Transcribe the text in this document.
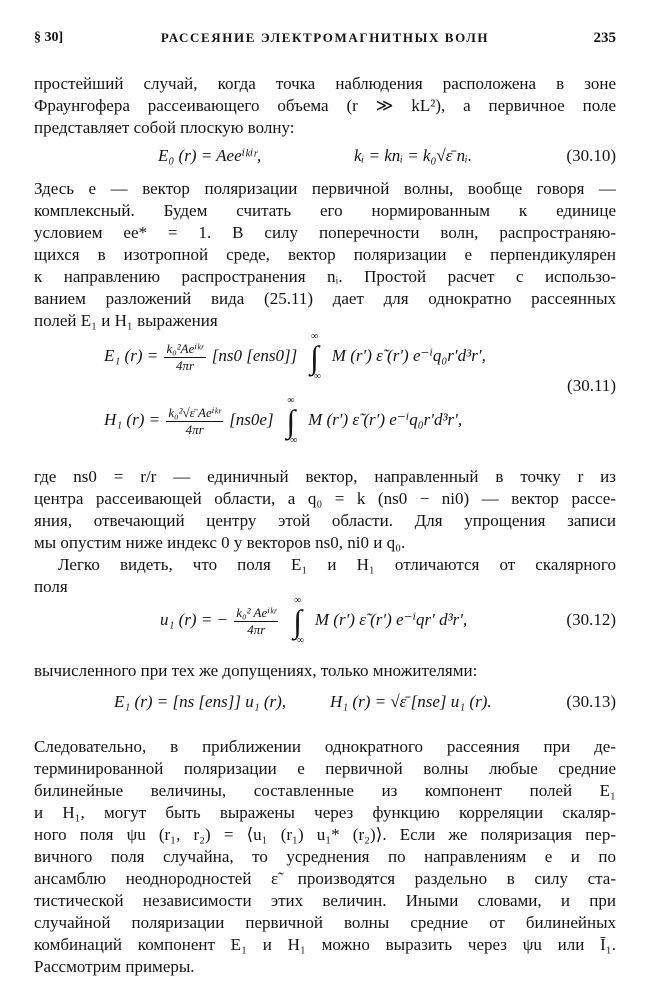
§ 30]	РАССЕЯНИЕ ЭЛЕКТРОМАГНИТНЫХ ВОЛН	235
простейший случай, когда точка наблюдения расположена в зоне
Фраунгофера рассеивающего объема (r ≫ kL²), а первичное поле
представляет собой плоскую волну:
E₀ (r) = Aeeⁱᵏⁱʳ,	kᵢ = knᵢ = k₀√ε̄ nᵢ.	(30.10)
Здесь e — вектор поляризации первичной волны, вообще говоря —
комплексный. Будем считать его нормированным к единице
условием ee* = 1. В силу поперечности волн, распространяю-
щихся в изотропной среде, вектор поляризации e перпендикулярен
к направлению распространения nᵢ. Простой расчет с использо-
ванием разложений вида (25.11) дает для однократно рассеянных
полей E₁ и H₁ выражения
E₁ $(r) = \frac{\text{k₀²Aeⁱᵏʳ}}{4\pi r} [ns0$ [ens0]]
∞
∫
−∞
M (r′) ε̃ (r′) e⁻ⁱq₀r′d³r′,
(30.11)
H₁ $(r) = \frac{\text{k₀²√ε̄ Aeⁱᵏʳ}}{4\pi r} [ns0e]$
∞
∫
−∞
M (r′) ε̃ (r′) e⁻ⁱq₀r′d³r′,
где ns0 = r/r — единичный вектор, направленный в точку r из
центра рассеивающей области, а q₀ = k (ns0 − ni0) — вектор рассе-
яния, отвечающий центру этой области. Для упрощения записи
мы опустим ниже индекс 0 у векторов ns0, ni0 и q₀.
Легко видеть, что поля E₁ и H₁ отличаются от скалярного
поля
u₁ (r) = − $\frac{\text{k₀² Aeⁱᵏʳ}}{4\pi r}$

∞
∫
−∞
M (r′) ε̃ (r′) e⁻ⁱqr′ d³r′,	(30.12)
вычисленного при тех же допущениях, только множителями:
E₁ (r) = [ns [ens]] u₁ (r),	H₁ (r) = √ε̄ [nse] u₁ (r).	(30.13)
Следовательно, в приближении однократного рассеяния при де-
терминированной поляризации e первичной волны любые средние
билинейные величины, составленные из компонент полей E₁
и H₁, могут быть выражены через функцию корреляции скаляр-
ного поля ψu (r₁, r₂) = ⟨u₁ (r₁) u₁* (r₂)⟩. Если же поляризация пер-
вичного поля случайна, то усреднения по направлениям e и по
ансамблю неоднородностей ε̃ производятся раздельно в силу ста-
тистической независимости этих величин. Иными словами, и при
случайной поляризации первичной волны средние от билинейных
комбинаций компонент E₁ и H₁ можно выразить через ψu или Ī₁.
Рассмотрим примеры.
